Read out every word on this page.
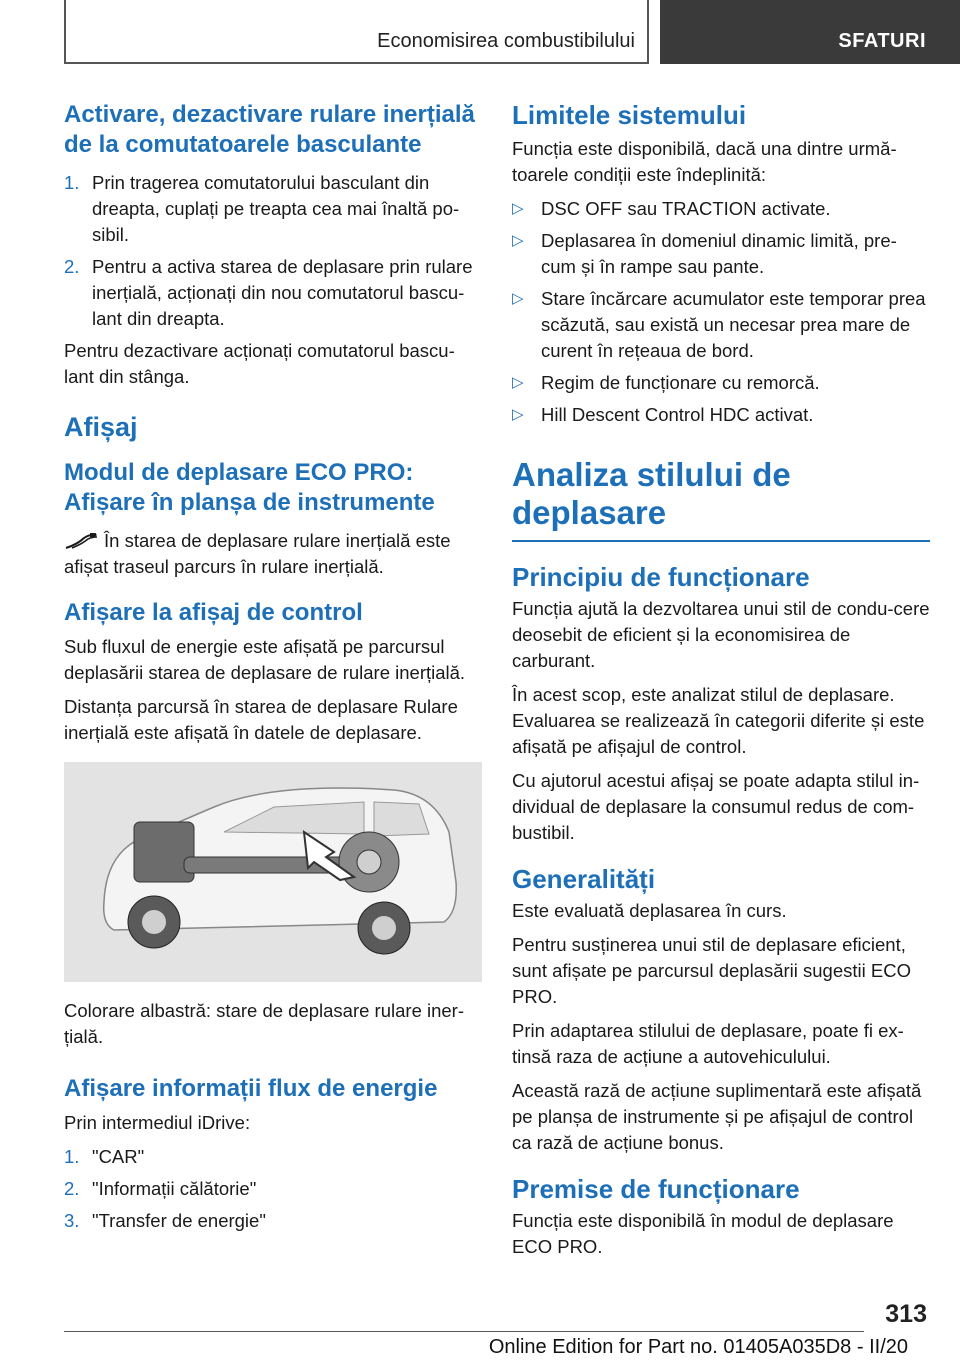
Economisirea combustibilului	SFATURI
Activare, dezactivare rulare inerțială de la comutatoarele basculante
1. Prin tragerea comutatorului basculant din dreapta, cuplați pe treapta cea mai înaltă po-sibil.
2. Pentru a activa starea de deplasare prin rulare inerțială, acționați din nou comutatorul bascu-lant din dreapta.

Pentru dezactivare acționați comutatorul bascu-lant din stânga.

Afișaj
Modul de deplasare ECO PRO: Afișare în planșa de instrumente

În starea de deplasare rulare inerțială este afișat traseul parcurs în rulare inerțială.

Afișare la afișaj de control

Sub fluxul de energie este afișată pe parcursul deplasării starea de deplasare de rulare inerțială.

Distanța parcursă în starea de deplasare Rulare inerțială este afișată în datele de deplasare.

Colorare albastră: stare de deplasare rulare iner-țială.

Afișare informații flux de energie

Prin intermediul iDrive:

1. "CAR"
2. "Informații călătorie"
3. "Transfer de energie"
Limitele sistemului

Funcția este disponibilă, dacă una dintre urmă-toarele condiții este îndeplinită:

▷ DSC OFF sau TRACTION activate.
▷ Deplasarea în domeniul dinamic limită, pre-cum și în rampe sau pante.
▷ Stare încărcare acumulator este temporar prea scăzută, sau există un necesar prea mare de curent în rețeaua de bord.
▷ Regim de funcționare cu remorcă.
▷ Hill Descent Control HDC activat.
Analiza stilului de deplasare
Principiu de funcționare

Funcția ajută la dezvoltarea unui stil de condu-cere deosebit de eficient și la economisirea de carburant.

În acest scop, este analizat stilul de deplasare. Evaluarea se realizează în categorii diferite și este afișată pe afișajul de control.

Cu ajutorul acestui afișaj se poate adapta stilul in-dividual de deplasare la consumul redus de com-bustibil.

Generalități

Este evaluată deplasarea în curs.

Pentru susținerea unui stil de deplasare eficient, sunt afișate pe parcursul deplasării sugestii ECO PRO.

Prin adaptarea stilului de deplasare, poate fi ex-tinsă raza de acțiune a autovehiculului.

Această rază de acțiune suplimentară este afișată pe planșa de instrumente și pe afișajul de control ca rază de acțiune bonus.

Premise de funcționare

Funcția este disponibilă în modul de deplasare ECO PRO.

313
Online Edition for Part no. 01405A035D8 - II/20
